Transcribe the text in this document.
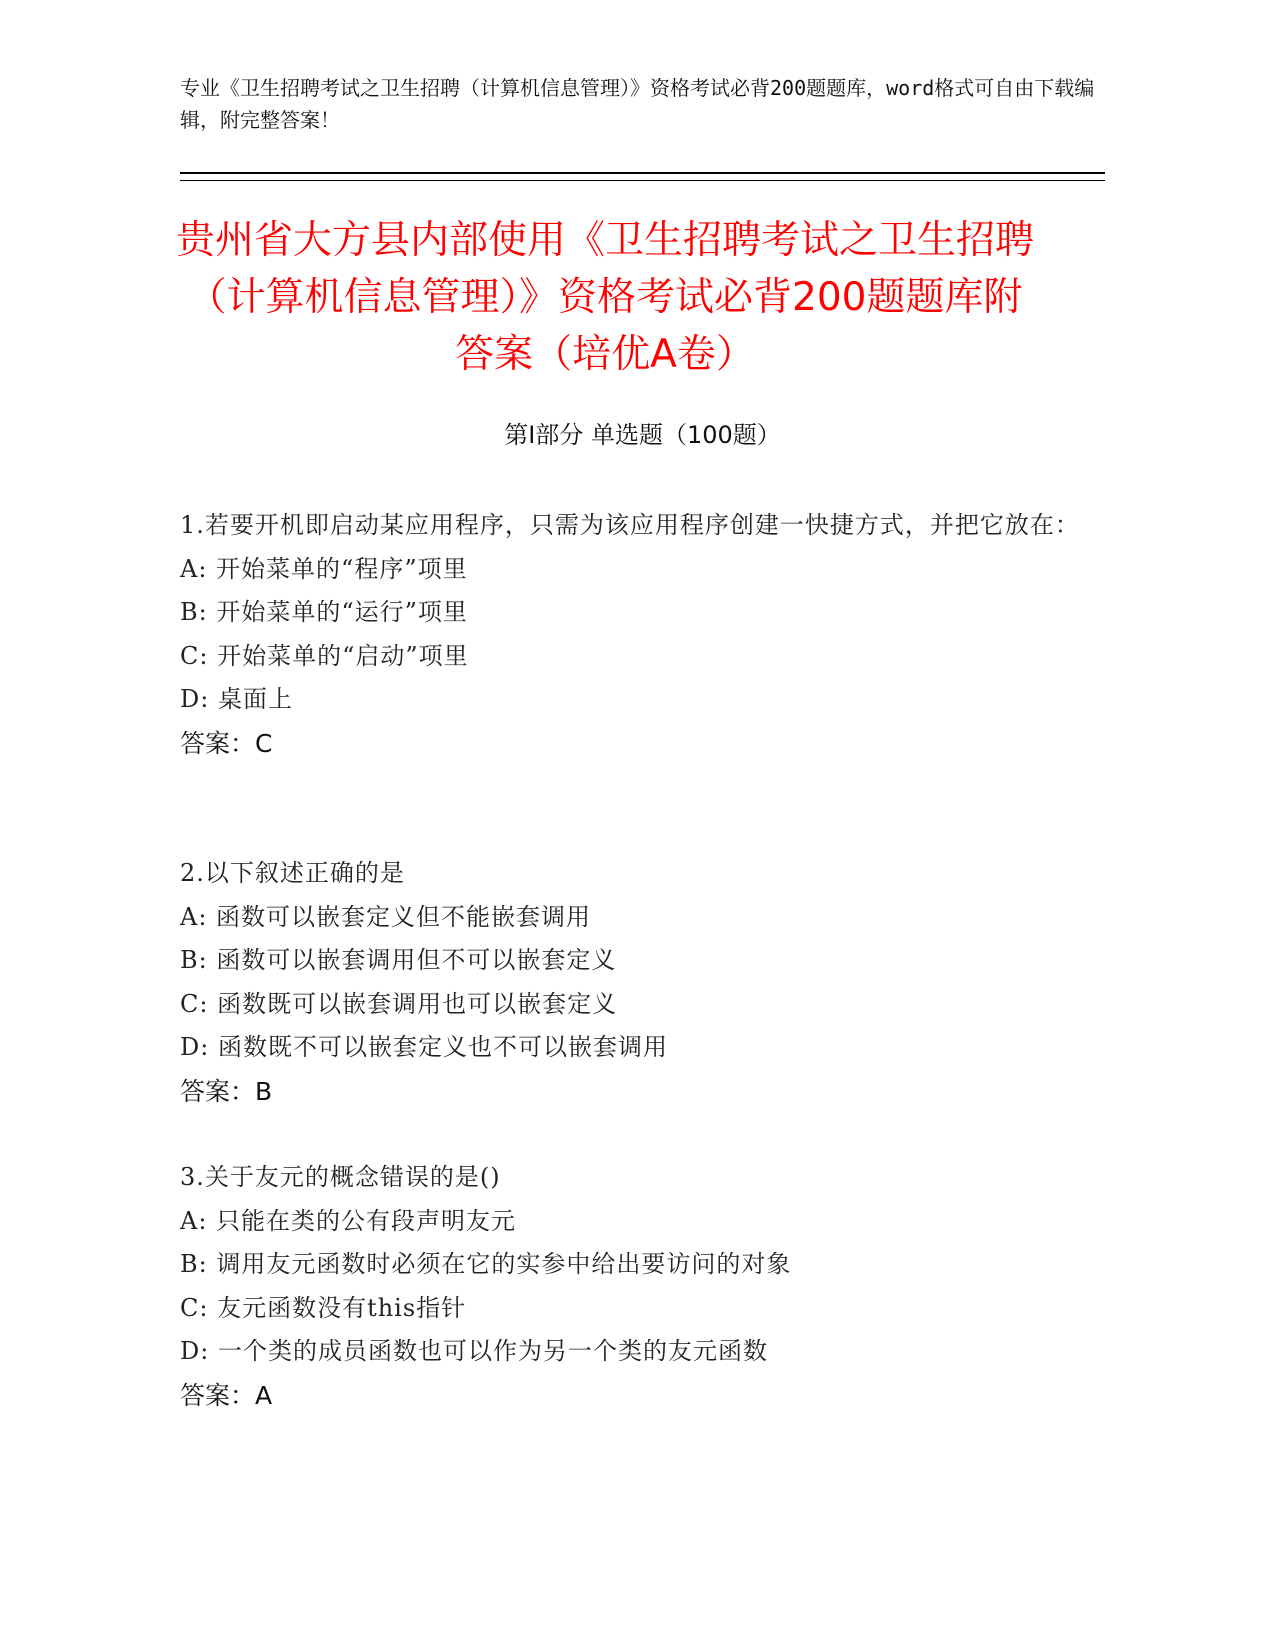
专业《卫生招聘考试之卫生招聘（计算机信息管理）》资格考试必背200题题库，word格式可自由下载编辑，附完整答案！
贵州省大方县内部使用《卫生招聘考试之卫生招聘（计算机信息管理）》资格考试必背200题题库附答案（培优A卷）
第Ⅰ部分 单选题（100题）
1.若要开机即启动某应用程序，只需为该应用程序创建一快捷方式，并把它放在：
A: 开始菜单的“程序”项里
B: 开始菜单的“运行”项里
C: 开始菜单的“启动”项里
D: 桌面上
答案：C
2.以下叙述正确的是
A: 函数可以嵌套定义但不能嵌套调用
B: 函数可以嵌套调用但不可以嵌套定义
C: 函数既可以嵌套调用也可以嵌套定义
D: 函数既不可以嵌套定义也不可以嵌套调用
答案：B
3.关于友元的概念错误的是()
A: 只能在类的公有段声明友元
B: 调用友元函数时必须在它的实参中给出要访问的对象
C: 友元函数没有this指针
D: 一个类的成员函数也可以作为另一个类的友元函数
答案：A
